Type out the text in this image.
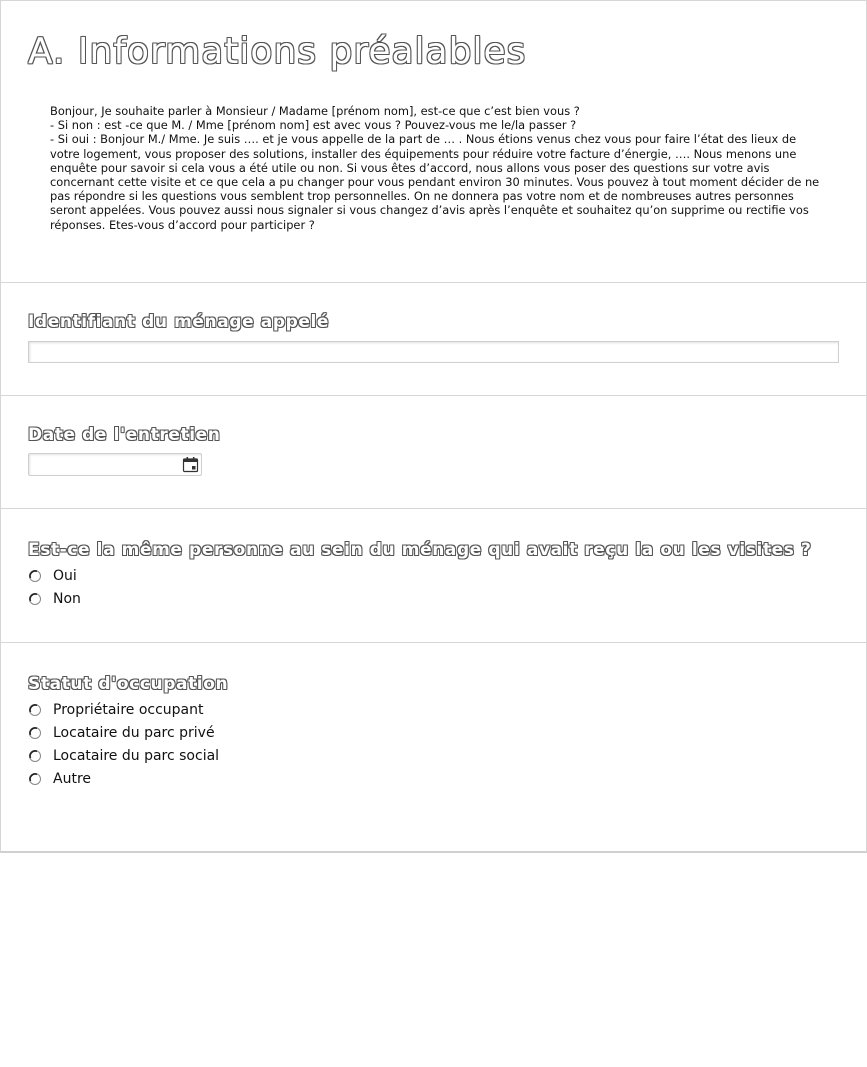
A. Informations préalables

Bonjour, Je souhaite parler à Monsieur / Madame [prénom nom], est-ce que c’est bien vous ?

- Si non : est -ce que M. / Mme [prénom nom] est avec vous ? Pouvez-vous me le/la passer ?

- Si oui : Bonjour M./ Mme. Je suis …. et je vous appelle de la part de … . Nous étions venus chez vous pour faire l’état des lieux de votre logement, vous proposer des solutions, installer des équipements pour réduire votre facture d’énergie, …. Nous menons une enquête pour savoir si cela vous a été utile ou non. Si vous êtes d’accord, nous allons vous poser des questions sur votre avis concernant cette visite et ce que cela a pu changer pour vous pendant environ 30 minutes. Vous pouvez à tout moment décider de ne pas répondre si les questions vous semblent trop personnelles. On ne donnera pas votre nom et de nombreuses autres personnes seront appelées. Vous pouvez aussi nous signaler si vous changez d’avis après l’enquête et souhaitez qu’on supprime ou rectifie vos réponses. Etes-vous d’accord pour participer ?

Identifiant du ménage appelé
Date de l'entretien
Est-ce la même personne au sein du ménage qui avait reçu la ou les visites ?
Oui
Non
Statut d'occupation
Propriétaire occupant
Locataire du parc privé
Locataire du parc social
Autre
